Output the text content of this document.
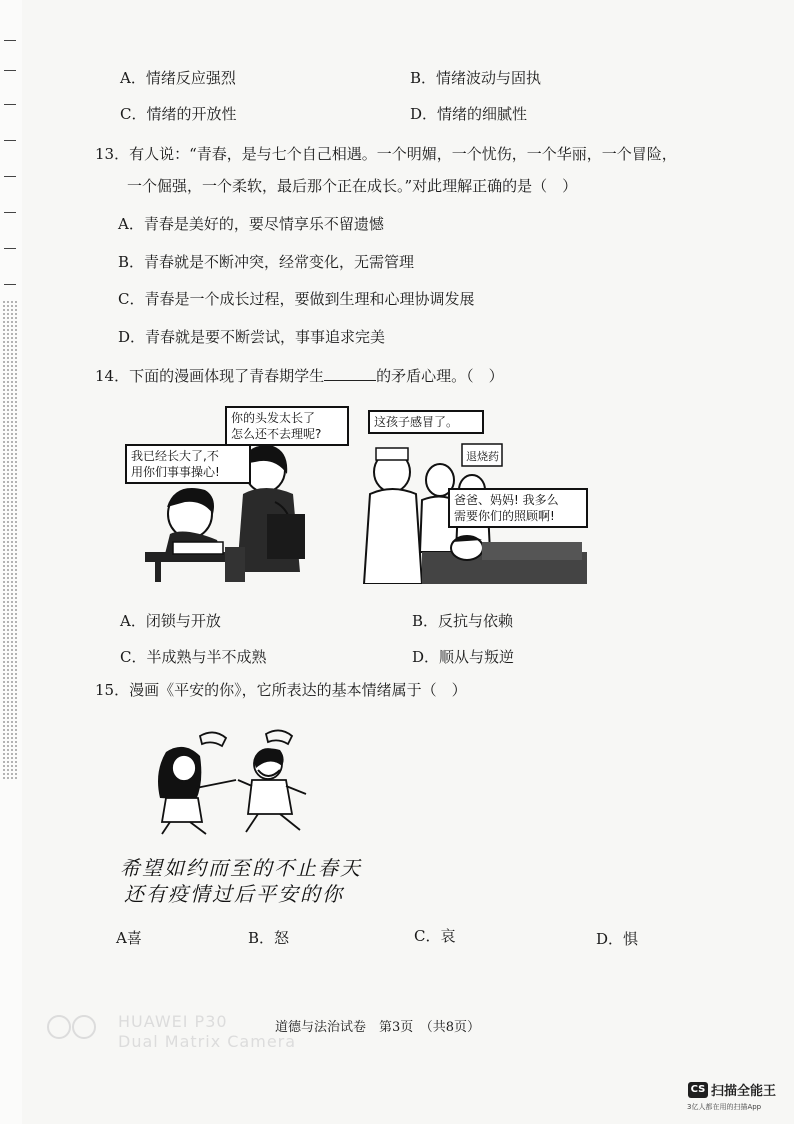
A．情绪反应强烈	B．情绪波动与固执
C．情绪的开放性	D．情绪的细腻性
13．有人说：“青春，是与七个自己相遇。一个明媚，一个忧伤，一个华丽，一个冒险，
一个倔强，一个柔软，最后那个正在成长。”对此理解正确的是（　）
A．青春是美好的，要尽情享乐不留遗憾
B．青春就是不断冲突，经常变化，无需管理
C．青春是一个成长过程，要做到生理和心理协调发展
D．青春就是要不断尝试，事事追求完美
14．下面的漫画体现了青春期学生	的矛盾心理。（　）
你的头发太长了
怎么还不去理呢?
我已经长大了,不
用你们事事操心!
退烧药
这孩子感冒了。
爸爸、妈妈! 我多么
需要你们的照顾啊!
A．闭锁与开放	B．反抗与依赖
C．半成熟与半不成熟	D．顺从与叛逆
15．漫画《平安的你》，它所表达的基本情绪属于（　）
希望如约而至的不止春天
还有疫情过后平安的你
A喜	B．怒	C．哀	D．惧
道德与法治试卷　第3页　（共8页）
HUAWEI P30
Dual Matrix Camera
CS 扫描全能王
3亿人都在用的扫描App
